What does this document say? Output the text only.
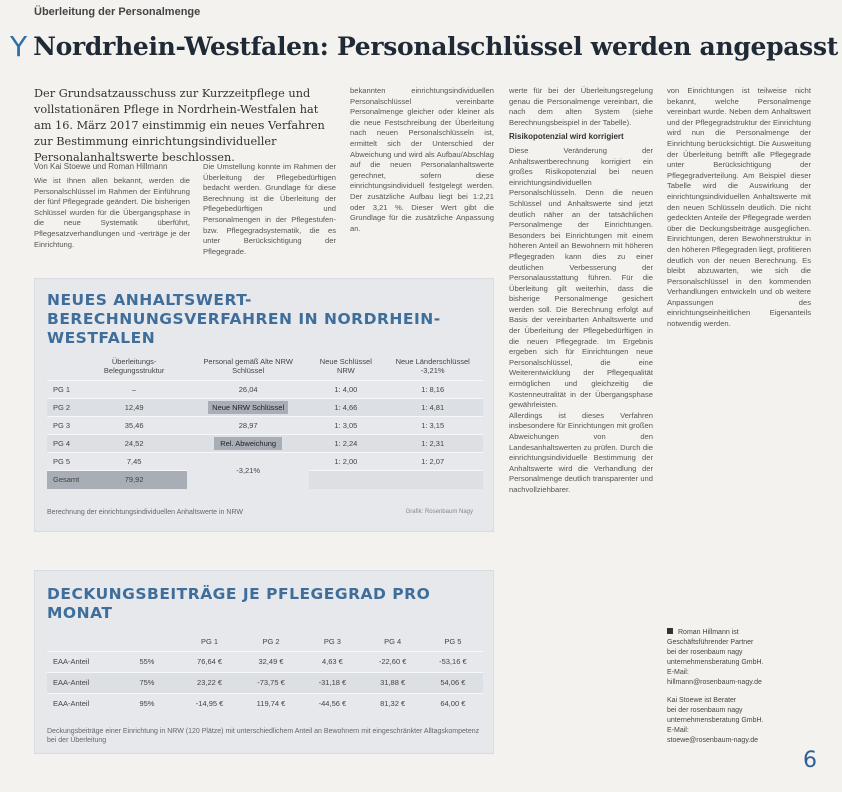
Überleitung der Personalmenge
Y Nordrhein-Westfalen: Personalschlüssel werden angepasst

Der Grundsatzausschuss zur Kurzzeitpflege und vollstationären Pflege in Nordrhein-Westfalen hat am 16. März 2017 einstimmig ein neues Verfahren zur Bestimmung einrichtungsindividueller Personalanhaltswerte beschlossen.

Von Kai Stoewe und Roman Hillmann

Wie ist Ihnen allen bekannt, werden die Personalschlüssel im Rahmen der Einführung der fünf Pflegegrade geändert. Die bisherigen Schlüssel wurden für die Übergangsphase in die neue Systematik überführt, Pflegesatzverhandlungen und -verträge je der Einrichtung.

Die Umstellung konnte im Rahmen der Überleitung der Pflegebedürftigen bedacht werden. Grundlage für diese Berechnung ist die Überleitung der Pflegebedürftigen und Personalmengen in der Pflegestufen- bzw. Pflegegradsystematik, die es unter Berücksichtigung der Pflegegrade.

bekannten einrichtungsindividuellen Personalschlüssel vereinbarte Personalmenge gleicher oder kleiner als die neue Festschreibung der Überleitung nach neuen Personalschlüsseln ist, ermittelt sich der Unterschied der Abweichung und wird als Aufbau/Abschlag auf die neuen Personalanhaltswerte gerechnet, sofern diese einrichtungsindividuell festgelegt werden. Der zusätzliche Aufbau liegt bei 1:2,21 oder 3,21 %. Dieser Wert gibt die Grundlage für die zusätzliche Anpassung an.

werte für bei der Überleitungsregelung genau die Personalmenge vereinbart, die nach dem alten System (siehe Berechnungsbeispiel in der Tabelle).

Risikopotenzial wird korrigiert

Diese Veränderung der Anhaltswertberechnung korrigiert ein großes Risikopotenzial bei neuen einrichtungsindividuellen Personalschlüsseln. Denn die neuen Schlüssel und Anhaltswerte sind jetzt deutlich näher an der tatsächlichen Personalmenge der Einrichtungen. Besonders bei Einrichtungen mit einem höheren Anteil an Bewohnern mit höheren Pflegegraden kann dies zu einer deutlichen Verbesserung der Personalausstattung führen. Für die Überleitung gilt weiterhin, dass die bisherige Personalmenge gesichert werden soll. Die Berechnung erfolgt auf Basis der vereinbarten Anhaltswerte und der Überleitung der Pflegebedürftigen in die neuen Pflegegrade. Im Ergebnis ergeben sich für Einrichtungen neue Personalschlüssel, die eine Weiterentwicklung der Pflegequalität ermöglichen und gleichzeitig die Kostenneutralität in der Übergangsphase gewährleisten.

Allerdings ist dieses Verfahren insbesondere für Einrichtungen mit großen Abweichungen von den Landesanhaltswerten zu prüfen. Durch die einrichtungsindividuelle Bestimmung der Anhaltswerte wird die Verhandlung der Personalmenge deutlich transparenter und nachvollziehbarer.

von Einrichtungen ist teilweise nicht bekannt, welche Personalmenge vereinbart wurde. Neben dem Anhaltswert und der Pflegegradstruktur der Einrichtung wird nun die Personalmenge der Einrichtung berücksichtigt. Die Ausweitung der Überleitung betrifft alle Pflegegrade unter Berücksichtigung der Pflegegradverteilung. Am Beispiel dieser Tabelle wird die Auswirkung der einrichtungsindividuellen Anhaltswerte mit den neuen Schlüsseln deutlich. Die nicht gedeckten Anteile der Pflegegrade werden über die Deckungsbeiträge ausgeglichen. Einrichtungen, deren Bewohnerstruktur in den höheren Pflegegraden liegt, profitieren deutlich von der neuen Berechnung. Es bleibt abzuwarten, wie sich die Personalschlüssel in den kommenden Verhandlungen entwickeln und ob weitere Anpassungen des einrichtungseinheitlichen Eigenanteils notwendig werden.

NEUES ANHALTSWERT-BERECHNUNGSVERFAHREN IN NORDRHEIN-WESTFALEN
	Überleitungs-Belegungsstruktur	Personal gemäß Alte NRW Schlüssel	Neue Schlüssel NRW	Neue Länderschlüssel -3,21%
PG 1	–	26,04	1: 4,00	1: 8,16
PG 2	12,49	Neue NRW Schlüssel	1: 4,66	1: 4,81
PG 3	35,46	28,97	1: 3,05	1: 3,15
PG 4	24,52	Rel. Abweichung	1: 2,24	1: 2,31
PG 5	7,45	-3,21%	1: 2,00	1: 2,07
Gesamt	79,92			
Berechnung der einrichtungsindividuellen Anhaltswerte in NRW	Grafik: Rosenbaum Nagy
DECKUNGSBEITRÄGE JE PFLEGEGRAD PRO MONAT
		PG 1	PG 2	PG 3	PG 4	PG 5
EAA-Anteil	55%	76,64 €	32,49 €	4,63 €	-22,60 €	-53,16 €
EAA-Anteil	75%	23,22 €	-73,75 €	-31,18 €	31,88 €	54,06 €
EAA-Anteil	95%	-14,95 €	119,74 €	-44,56 €	81,32 €	64,00 €
Deckungsbeiträge einer Einrichtung in NRW (120 Plätze) mit unterschiedlichem Anteil an Bewohnern mit eingeschränkter Alltagskompetenz bei der Überleitung
Roman Hillmann ist
Geschäftsführender Partner
bei der rosenbaum nagy
unternehmensberatung GmbH.
E-Mail:
hillmann@rosenbaum-nagy.de
Kai Stoewe ist Berater
bei der rosenbaum nagy
unternehmensberatung GmbH.
E-Mail:
stoewe@rosenbaum-nagy.de
6
